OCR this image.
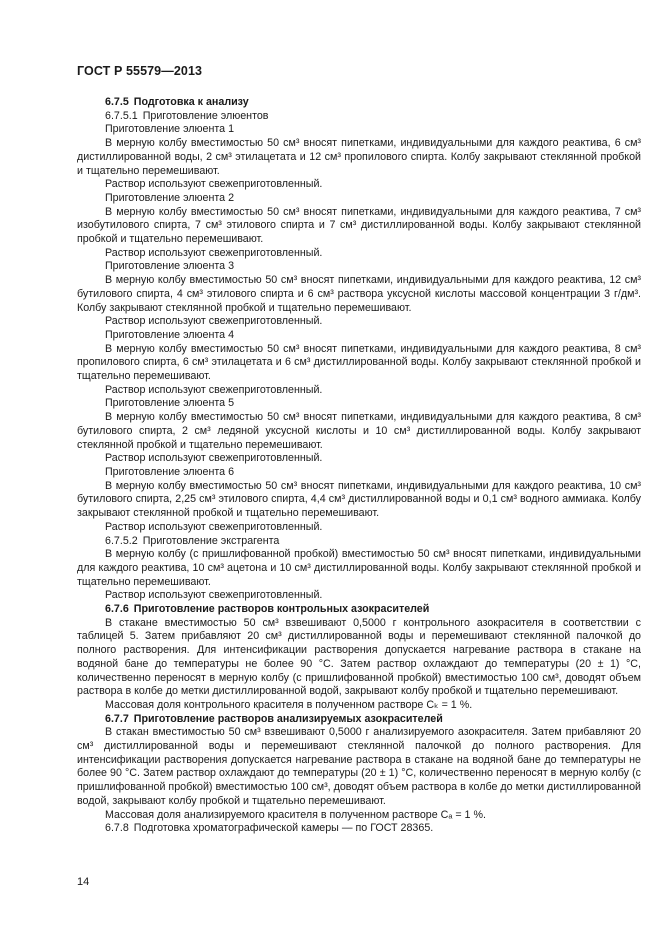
ГОСТ Р 55579—2013

6.7.5 Подготовка к анализу

6.7.5.1 Приготовление элюентов

Приготовление элюента 1

В мерную колбу вместимостью 50 см³ вносят пипетками, индивидуальными для каждого реактива, 6 см³ дистиллированной воды, 2 см³ этилацетата и 12 см³ пропилового спирта. Колбу закрывают стеклянной пробкой и тщательно перемешивают.

Раствор используют свежеприготовленный.

Приготовление элюента 2

В мерную колбу вместимостью 50 см³ вносят пипетками, индивидуальными для каждого реактива, 7 см³ изобутилового спирта, 7 см³ этилового спирта и 7 см³ дистиллированной воды. Колбу закрывают стеклянной пробкой и тщательно перемешивают.

Раствор используют свежеприготовленный.

Приготовление элюента 3

В мерную колбу вместимостью 50 см³ вносят пипетками, индивидуальными для каждого реактива, 12 см³ бутилового спирта, 4 см³ этилового спирта и 6 см³ раствора уксусной кислоты массовой концентрации 3 г/дм³. Колбу закрывают стеклянной пробкой и тщательно перемешивают.

Раствор используют свежеприготовленный.

Приготовление элюента 4

В мерную колбу вместимостью 50 см³ вносят пипетками, индивидуальными для каждого реактива, 8 см³ пропилового спирта, 6 см³ этилацетата и 6 см³ дистиллированной воды. Колбу закрывают стеклянной пробкой и тщательно перемешивают.

Раствор используют свежеприготовленный.

Приготовление элюента 5

В мерную колбу вместимостью 50 см³ вносят пипетками, индивидуальными для каждого реактива, 8 см³ бутилового спирта, 2 см³ ледяной уксусной кислоты и 10 см³ дистиллированной воды. Колбу закрывают стеклянной пробкой и тщательно перемешивают.

Раствор используют свежеприготовленный.

Приготовление элюента 6

В мерную колбу вместимостью 50 см³ вносят пипетками, индивидуальными для каждого реактива, 10 см³ бутилового спирта, 2,25 см³ этилового спирта, 4,4 см³ дистиллированной воды и 0,1 см³ водного аммиака. Колбу закрывают стеклянной пробкой и тщательно перемешивают.

Раствор используют свежеприготовленный.

6.7.5.2 Приготовление экстрагента

В мерную колбу (с пришлифованной пробкой) вместимостью 50 см³ вносят пипетками, индивидуальными для каждого реактива, 10 см³ ацетона и 10 см³ дистиллированной воды. Колбу закрывают стеклянной пробкой и тщательно перемешивают.

Раствор используют свежеприготовленный.

6.7.6 Приготовление растворов контрольных азокрасителей

В стакане вместимостью 50 см³ взвешивают 0,5000 г контрольного азокрасителя в соответствии с таблицей 5. Затем прибавляют 20 см³ дистиллированной воды и перемешивают стеклянной палочкой до полного растворения. Для интенсификации растворения допускается нагревание раствора в стакане на водяной бане до температуры не более 90 °С. Затем раствор охлаждают до температуры (20 ± 1) °С, количественно переносят в мерную колбу (с пришлифованной пробкой) вместимостью 100 см³, доводят объем раствора в колбе до метки дистиллированной водой, закрывают колбу пробкой и тщательно перемешивают.

Массовая доля контрольного красителя в полученном растворе Cₖ = 1 %.

6.7.7 Приготовление растворов анализируемых азокрасителей

В стакан вместимостью 50 см³ взвешивают 0,5000 г анализируемого азокрасителя. Затем прибавляют 20 см³ дистиллированной воды и перемешивают стеклянной палочкой до полного растворения. Для интенсификации растворения допускается нагревание раствора в стакане на водяной бане до температуры не более 90 °С. Затем раствор охлаждают до температуры (20 ± 1) °С, количественно переносят в мерную колбу (с пришлифованной пробкой) вместимостью 100 см³, доводят объем раствора в колбе до метки дистиллированной водой, закрывают колбу пробкой и тщательно перемешивают.

Массовая доля анализируемого красителя в полученном растворе Cₐ = 1 %.

6.7.8 Подготовка хроматографической камеры — по ГОСТ 28365.

14
